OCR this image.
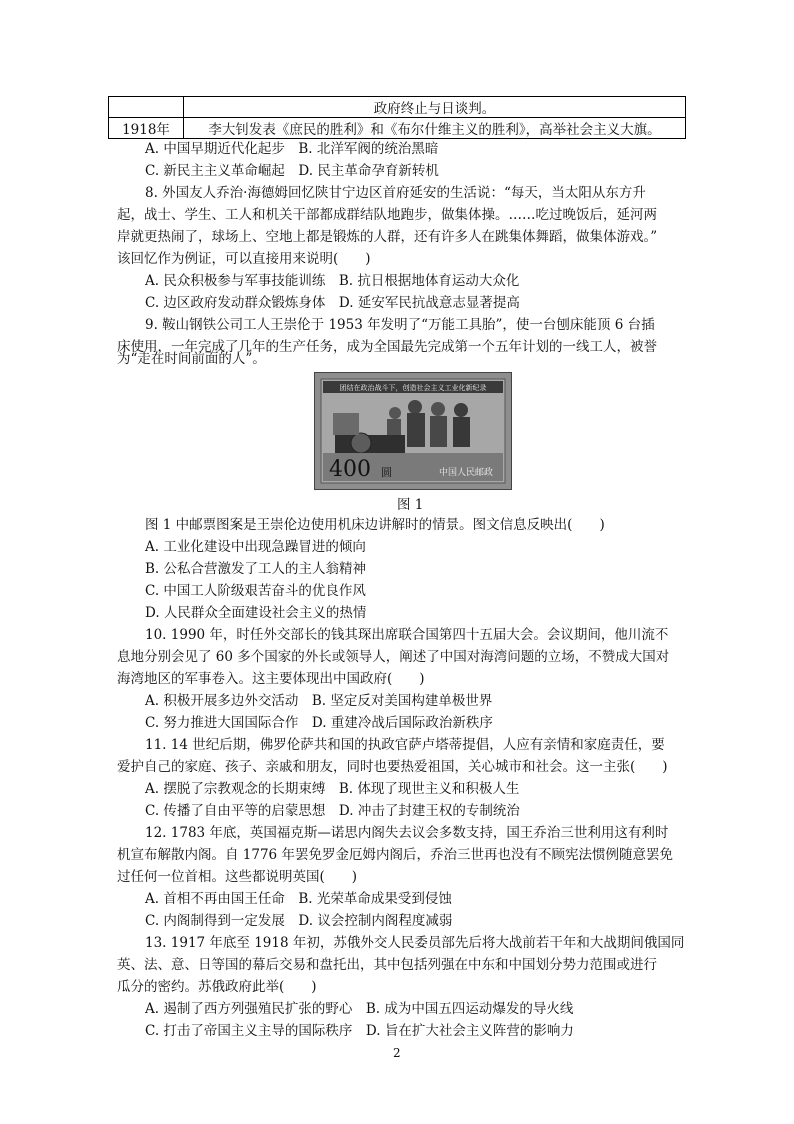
	政府终止与日谈判。
1918年	李大钊发表《庶民的胜利》和《布尔什维主义的胜利》，高举社会主义大旗。
A. 中国早期近代化起步　B. 北洋军阀的统治黑暗
C. 新民主主义革命崛起　D. 民主革命孕育新转机
8. 外国友人乔治·海德姆回忆陕甘宁边区首府延安的生活说：“每天，当太阳从东方升
起，战士、学生、工人和机关干部都成群结队地跑步，做集体操。……吃过晚饭后，延河两
岸就更热闹了，球场上、空地上都是锻炼的人群，还有许多人在跳集体舞蹈，做集体游戏。”
该回忆作为例证，可以直接用来说明(　　)
A. 民众积极参与军事技能训练　B. 抗日根据地体育运动大众化
C. 边区政府发动群众锻炼身体　D. 延安军民抗战意志显著提高
9. 鞍山钢铁公司工人王崇伦于 1953 年发明了“万能工具胎”，使一台刨床能顶 6 台插
床使用，一年完成了几年的生产任务，成为全国最先完成第一个五年计划的一线工人，被誉
为“走在时间前面的人”。
团结在政治战斗下，创造社会主义工业化新纪录
400 圆	中国人民邮政
图 1
图 1 中邮票图案是王崇伦边使用机床边讲解时的情景。图文信息反映出(　　)
A. 工业化建设中出现急躁冒进的倾向
B. 公私合营激发了工人的主人翁精神
C. 中国工人阶级艰苦奋斗的优良作风
D. 人民群众全面建设社会主义的热情
10. 1990 年，时任外交部长的钱其琛出席联合国第四十五届大会。会议期间，他川流不
息地分别会见了 60 多个国家的外长或领导人，阐述了中国对海湾问题的立场，不赞成大国对
海湾地区的军事卷入。这主要体现出中国政府(　　)
A. 积极开展多边外交活动　B. 坚定反对美国构建单极世界
C. 努力推进大国国际合作　D. 重建冷战后国际政治新秩序
11. 14 世纪后期，佛罗伦萨共和国的执政官萨卢塔蒂提倡，人应有亲情和家庭责任，要
爱护自己的家庭、孩子、亲戚和朋友，同时也要热爱祖国，关心城市和社会。这一主张(　　)
A. 摆脱了宗教观念的长期束缚　B. 体现了现世主义和积极人生
C. 传播了自由平等的启蒙思想　D. 冲击了封建王权的专制统治
12. 1783 年底，英国福克斯—诺思内阁失去议会多数支持，国王乔治三世利用这有利时
机宣布解散内阁。自 1776 年罢免罗金厄姆内阁后，乔治三世再也没有不顾宪法惯例随意罢免
过任何一位首相。这些都说明英国(　　)
A. 首相不再由国王任命　B. 光荣革命成果受到侵蚀
C. 内阁制得到一定发展　D. 议会控制内阁程度减弱
13. 1917 年底至 1918 年初，苏俄外交人民委员部先后将大战前若干年和大战期间俄国同
英、法、意、日等国的幕后交易和盘托出，其中包括列强在中东和中国划分势力范围或进行
瓜分的密约。苏俄政府此举(　　)
A. 遏制了西方列强殖民扩张的野心　B. 成为中国五四运动爆发的导火线
C. 打击了帝国主义主导的国际秩序　D. 旨在扩大社会主义阵营的影响力
2
